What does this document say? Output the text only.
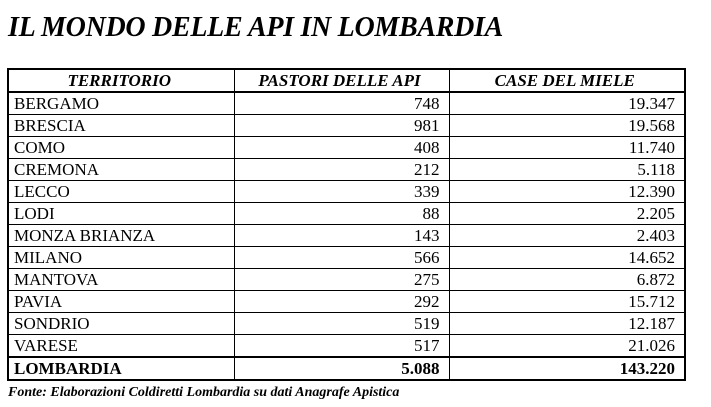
IL MONDO DELLE API IN LOMBARDIA
TERRITORIO	PASTORI DELLE API	CASE DEL MIELE
BERGAMO	748	19.347
BRESCIA	981	19.568
COMO	408	11.740
CREMONA	212	5.118
LECCO	339	12.390
LODI	88	2.205
MONZA BRIANZA	143	2.403
MILANO	566	14.652
MANTOVA	275	6.872
PAVIA	292	15.712
SONDRIO	519	12.187
VARESE	517	21.026
LOMBARDIA	5.088	143.220
Fonte: Elaborazioni Coldiretti Lombardia su dati Anagrafe Apistica
